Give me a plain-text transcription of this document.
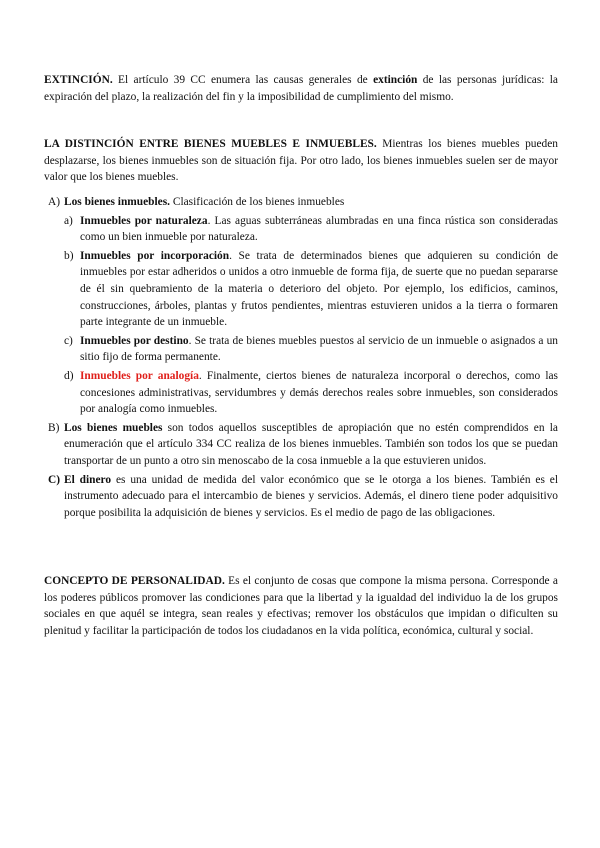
EXTINCIÓN. El artículo 39 CC enumera las causas generales de extinción de las personas jurídicas: la expiración del plazo, la realización del fin y la imposibilidad de cumplimiento del mismo.

LA DISTINCIÓN ENTRE BIENES MUEBLES E INMUEBLES. Mientras los bienes muebles pueden desplazarse, los bienes inmuebles son de situación fija. Por otro lado, los bienes inmuebles suelen ser de mayor valor que los bienes muebles.

A) Los bienes inmuebles. Clasificación de los bienes inmuebles
a) Inmuebles por naturaleza. Las aguas subterráneas alumbradas en una finca rústica son consideradas como un bien inmueble por naturaleza.
b) Inmuebles por incorporación. Se trata de determinados bienes que adquieren su condición de inmuebles por estar adheridos o unidos a otro inmueble de forma fija, de suerte que no puedan separarse de él sin quebramiento de la materia o deterioro del objeto. Por ejemplo, los edificios, caminos, construcciones, árboles, plantas y frutos pendientes, mientras estuvieren unidos a la tierra o formaren parte integrante de un inmueble.
c) Inmuebles por destino. Se trata de bienes muebles puestos al servicio de un inmueble o asignados a un sitio fijo de forma permanente.
d) Inmuebles por analogía. Finalmente, ciertos bienes de naturaleza incorporal o derechos, como las concesiones administrativas, servidumbres y demás derechos reales sobre inmuebles, son considerados por analogía como inmuebles.
B) Los bienes muebles son todos aquellos susceptibles de apropiación que no estén comprendidos en la enumeración que el artículo 334 CC realiza de los bienes inmuebles. También son todos los que se puedan transportar de un punto a otro sin menoscabo de la cosa inmueble a la que estuvieren unidos.
C) El dinero es una unidad de medida del valor económico que se le otorga a los bienes. También es el instrumento adecuado para el intercambio de bienes y servicios. Además, el dinero tiene poder adquisitivo porque posibilita la adquisición de bienes y servicios. Es el medio de pago de las obligaciones.

CONCEPTO DE PERSONALIDAD. Es el conjunto de cosas que compone la misma persona. Corresponde a los poderes públicos promover las condiciones para que la libertad y la igualdad del individuo la de los grupos sociales en que aquél se integra, sean reales y efectivas; remover los obstáculos que impidan o dificulten su plenitud y facilitar la participación de todos los ciudadanos en la vida política, económica, cultural y social.
